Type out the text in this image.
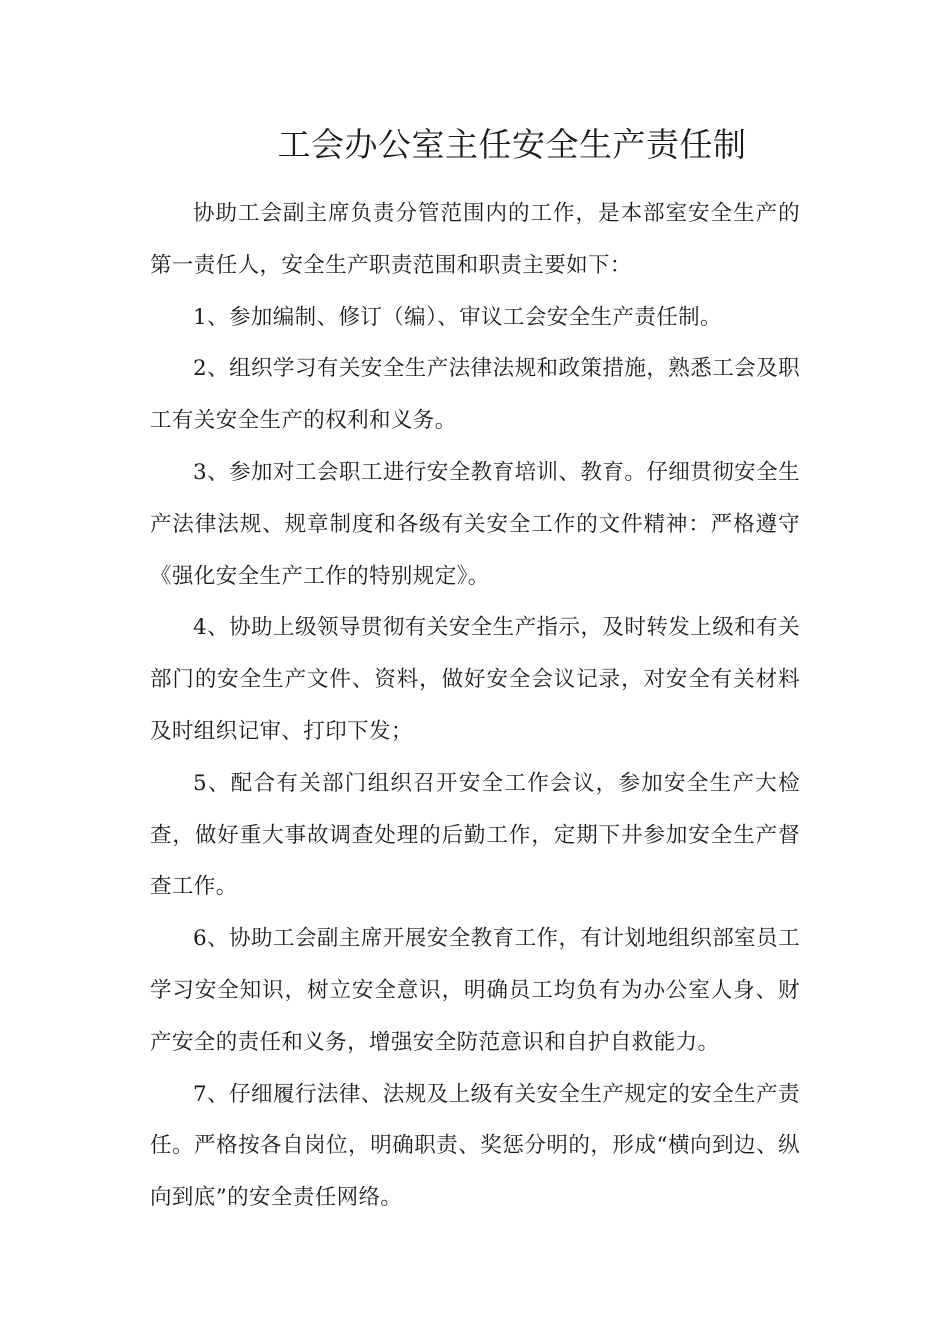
工会办公室主任安全生产责任制

协助工会副主席负责分管范围内的工作，是本部室安全生产的第一责任人，安全生产职责范围和职责主要如下：

1、参加编制、修订（编）、审议工会安全生产责任制。

2、组织学习有关安全生产法律法规和政策措施，熟悉工会及职工有关安全生产的权利和义务。

3、参加对工会职工进行安全教育培训、教育。仔细贯彻安全生产法律法规、规章制度和各级有关安全工作的文件精神：严格遵守《强化安全生产工作的特别规定》。

4、协助上级领导贯彻有关安全生产指示，及时转发上级和有关部门的安全生产文件、资料，做好安全会议记录，对安全有关材料及时组织记审、打印下发；

5、配合有关部门组织召开安全工作会议，参加安全生产大检查，做好重大事故调查处理的后勤工作，定期下井参加安全生产督查工作。

6、协助工会副主席开展安全教育工作，有计划地组织部室员工学习安全知识，树立安全意识，明确员工均负有为办公室人身、财产安全的责任和义务，增强安全防范意识和自护自救能力。

7、仔细履行法律、法规及上级有关安全生产规定的安全生产责任。严格按各自岗位，明确职责、奖惩分明的，形成“横向到边、纵向到底”的安全责任网络。
